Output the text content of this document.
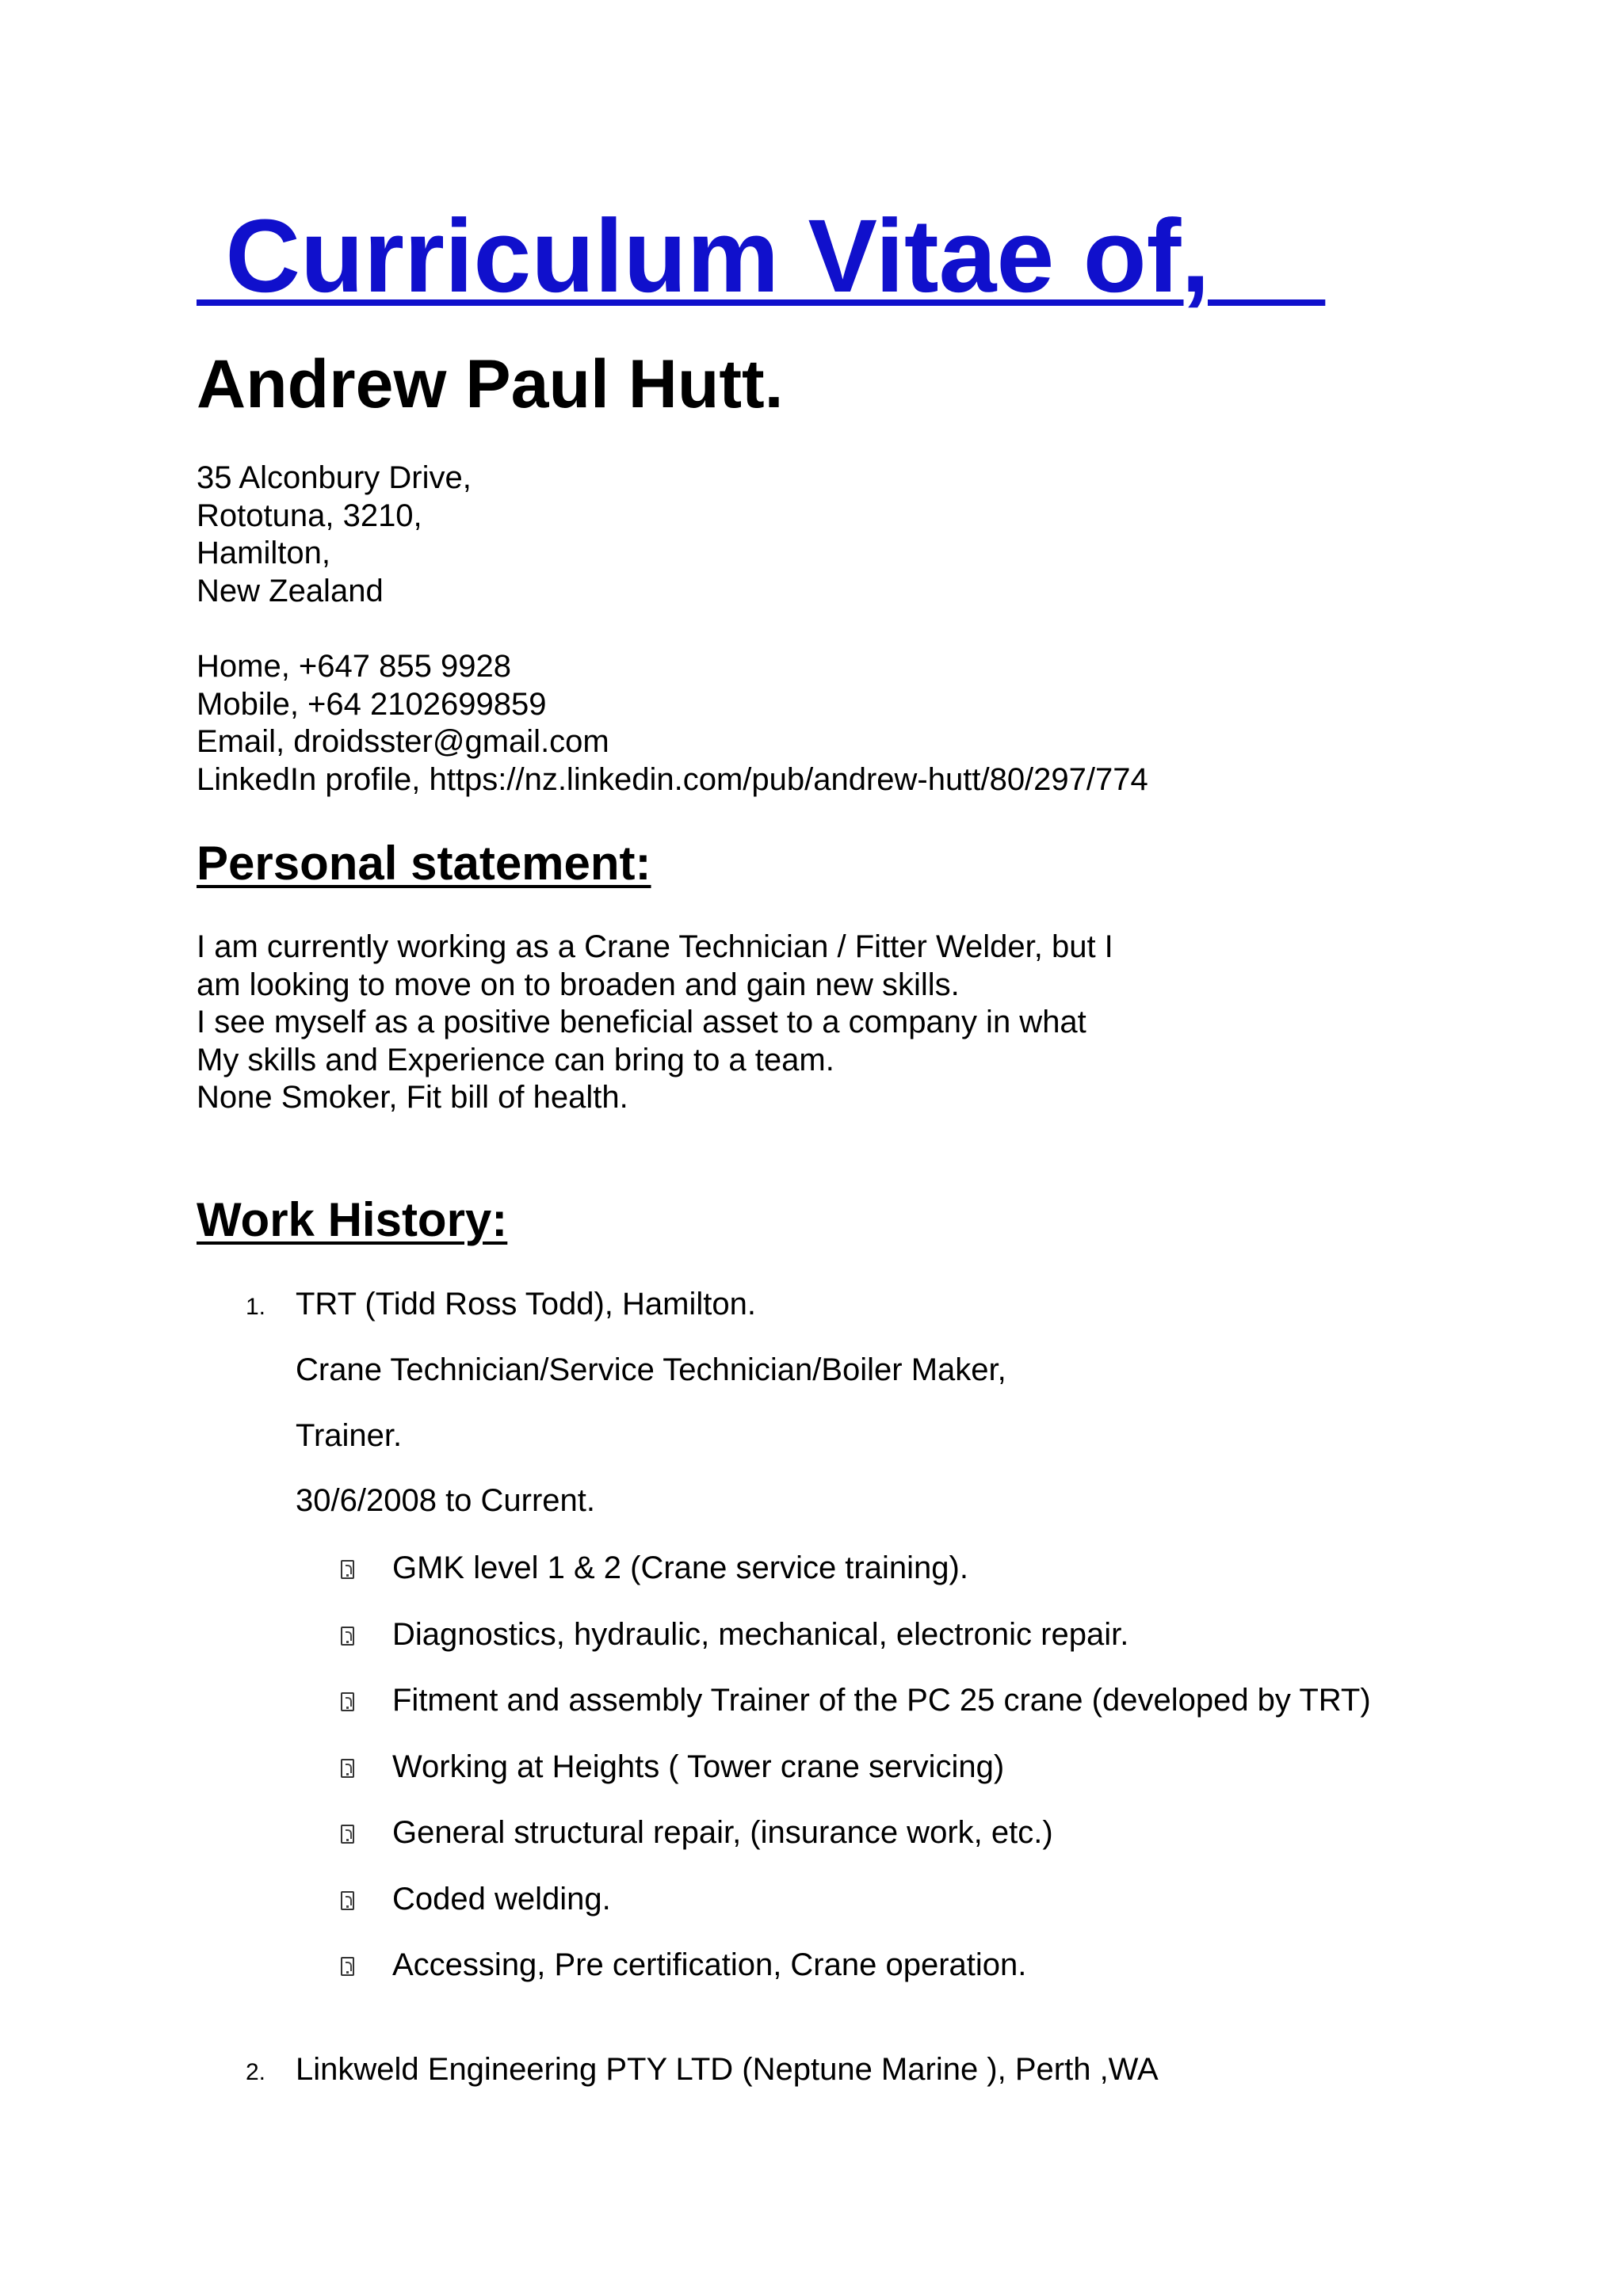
Curriculum Vitae of,
Andrew Paul Hutt.
35 Alconbury Drive,
Rototuna, 3210,
Hamilton,
New Zealand
Home, +647 855 9928
Mobile, +64 2102699859
Email, droidsster@gmail.com
LinkedIn profile, https://nz.linkedin.com/pub/andrew-hutt/80/297/774
Personal statement:
I am currently working as a Crane Technician / Fitter Welder, but I
am looking to move on to broaden and gain new skills.
I see myself as a positive beneficial asset to a company in what
My skills and Experience can bring to a team.
None Smoker, Fit bill of health.
Work History:
1. TRT (Tidd Ross Todd), Hamilton.
Crane Technician/Service Technician/Boiler Maker,
Trainer.
30/6/2008 to Current.
GMK level 1 & 2 (Crane service training).
Diagnostics, hydraulic, mechanical, electronic repair.
Fitment and assembly Trainer of the PC 25 crane (developed by TRT)
Working at Heights ( Tower crane servicing)
General structural repair, (insurance work, etc.)
Coded welding.
Accessing, Pre certification, Crane operation.
2. Linkweld Engineering PTY LTD (Neptune Marine ), Perth ,WA
